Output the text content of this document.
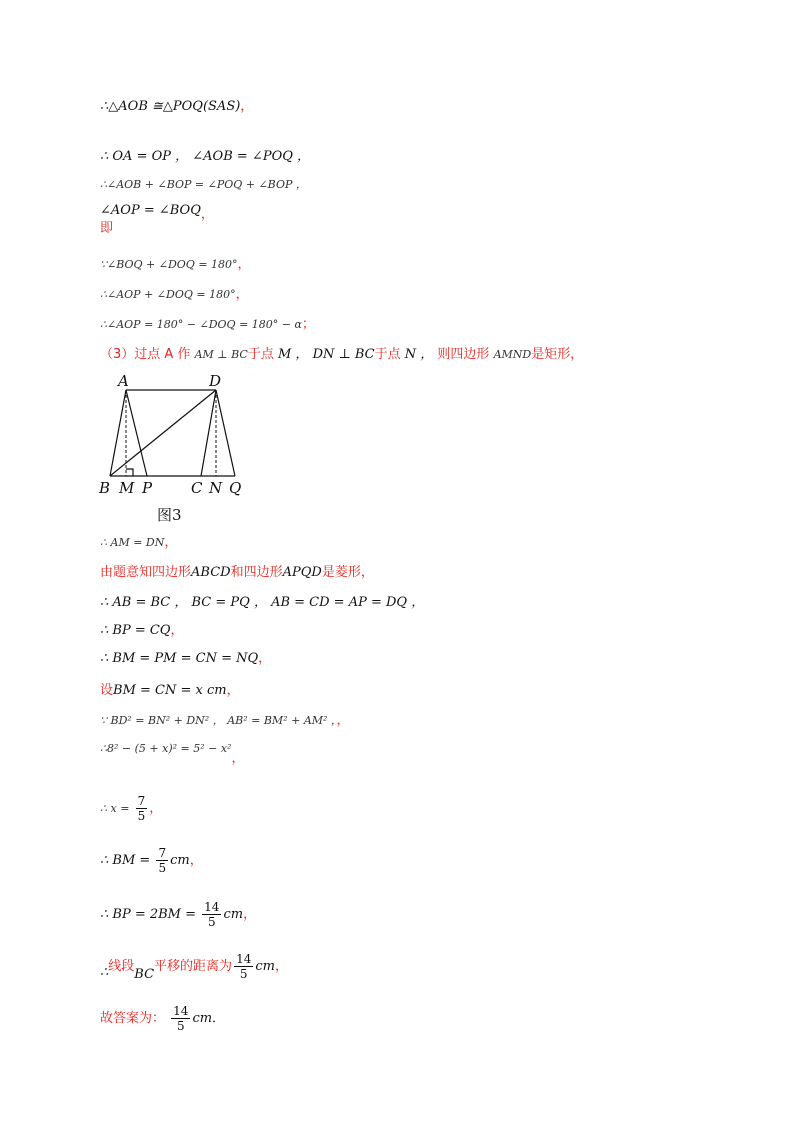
∴△AOB ≅△POQ(SAS)，
∴ OA = OP ， ∠AOB = ∠POQ ，
∴∠AOB + ∠BOP = ∠POQ + ∠BOP ，
∠AOP = ∠BOQ，
即
∵∠BOQ + ∠DOQ = 180°，
∴∠AOP + ∠DOQ = 180°，
∴∠AOP = 180° − ∠DOQ = 180° − α；
（3）过点 A 作 AM ⊥ BC于点 M ， DN ⊥ BC于点 N ， 则四边形 AMND是矩形，
A	D
B M P	C N Q
图3
∴ AM = DN，
由题意知四边形ABCD和四边形APQD是菱形，
∴ AB = BC ， BC = PQ ， AB = CD = AP = DQ ，
∴ BP = CQ，
∴ BM = PM = CN = NQ，
设BM = CN = x cm，
∵ BD² = BN² + DN² ， AB² = BM² + AM² ，，
∴8² − (5 + x)² = 5² − x²，
∴ $x = \frac{7}{5}$ ，
∴ BM = $\frac{7}{5}$ cm，
∴ BP = $2BM = \frac{14}{5}$ cm，
∴线段BC平移的距离为 $\frac{14}{5}$ cm，
故答案为： $\frac{14}{5}$ cm．
